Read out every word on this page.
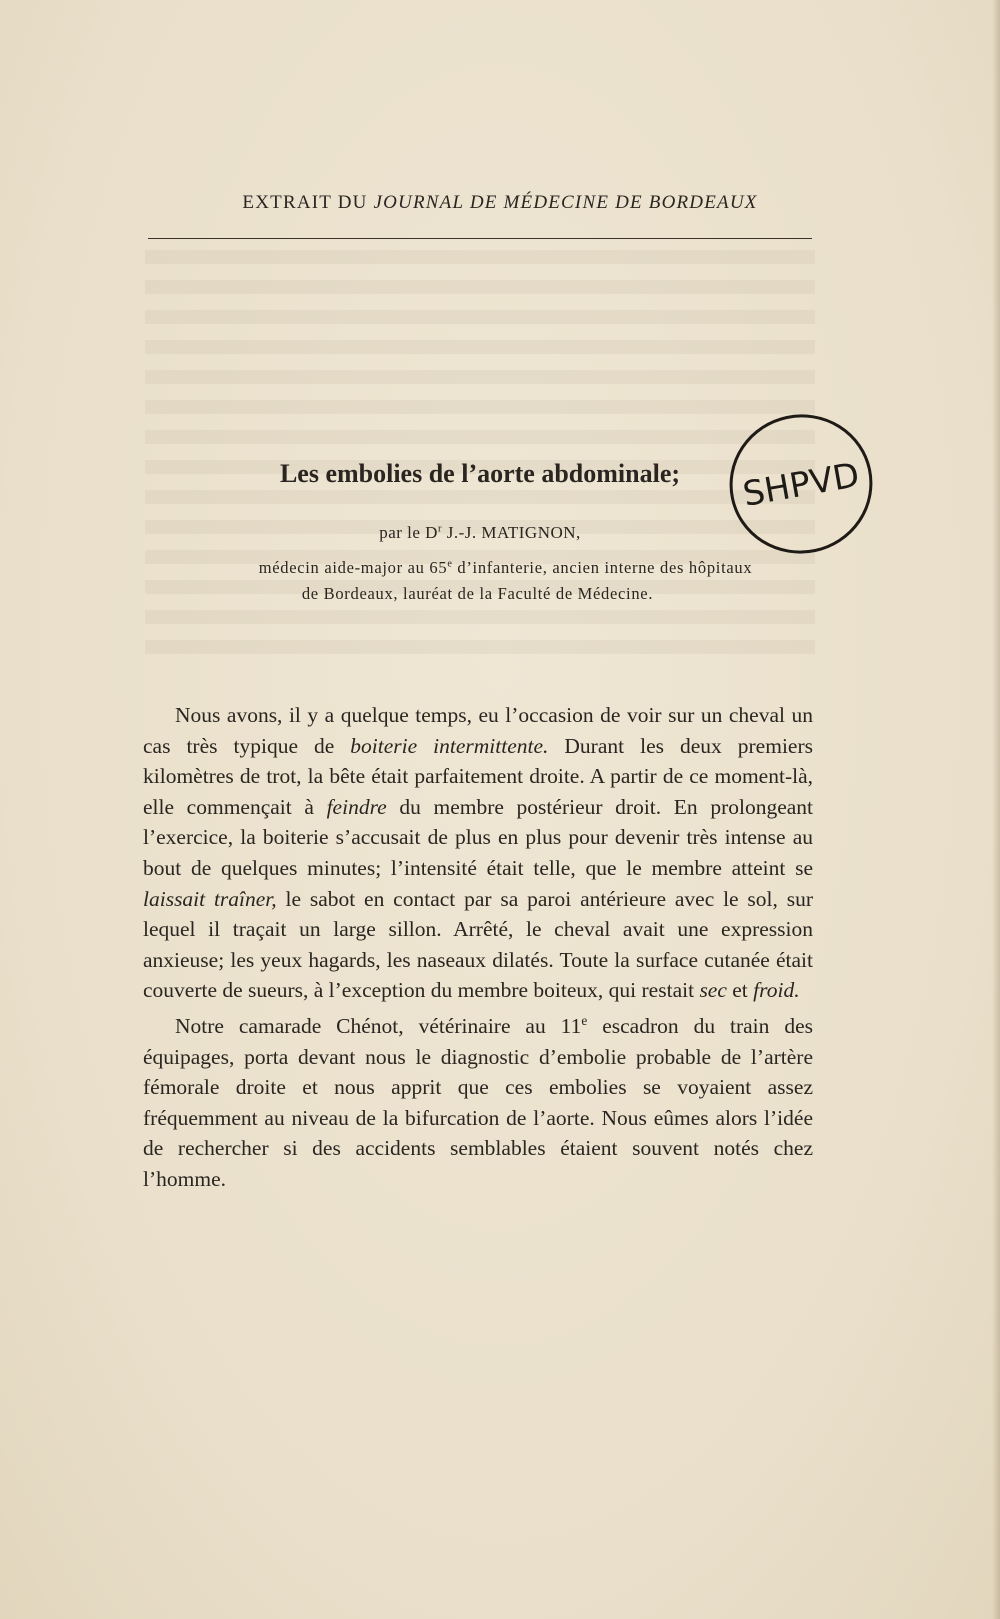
EXTRAIT DU JOURNAL DE MÉDECINE DE BORDEAUX
Les embolies de l’aorte abdominale;
par le $D^r$ J.-J. MATIGNON,
médecin aide-major au 65e d’infanterie, ancien interne des hôpitaux
de Bordeaux, lauréat de la Faculté de Médecine.
SHPVD

Nous avons, il y a quelque temps, eu l’occasion de voir sur un cheval un cas très typique de boiterie intermittente. Durant les deux premiers kilomètres de trot, la bête était parfaitement droite. A partir de ce moment-là, elle commençait à feindre du membre postérieur droit. En prolongeant l’exercice, la boiterie s’accusait de plus en plus pour devenir très intense au bout de quelques minutes; l’intensité était telle, que le membre atteint se laissait traîner, le sabot en contact par sa paroi antérieure avec le sol, sur lequel il traçait un large sillon. Arrêté, le cheval avait une expression anxieuse; les yeux hagards, les naseaux dilatés. Toute la surface cutanée était couverte de sueurs, à l’exception du membre boiteux, qui restait sec et froid.

Notre camarade Chénot, vétérinaire au 11e escadron du train des équipages, porta devant nous le diagnostic d’embolie probable de l’artère fémorale droite et nous apprit que ces embolies se voyaient assez fréquemment au niveau de la bifurcation de l’aorte. Nous eûmes alors l’idée de rechercher si des accidents semblables étaient souvent notés chez l’homme.
